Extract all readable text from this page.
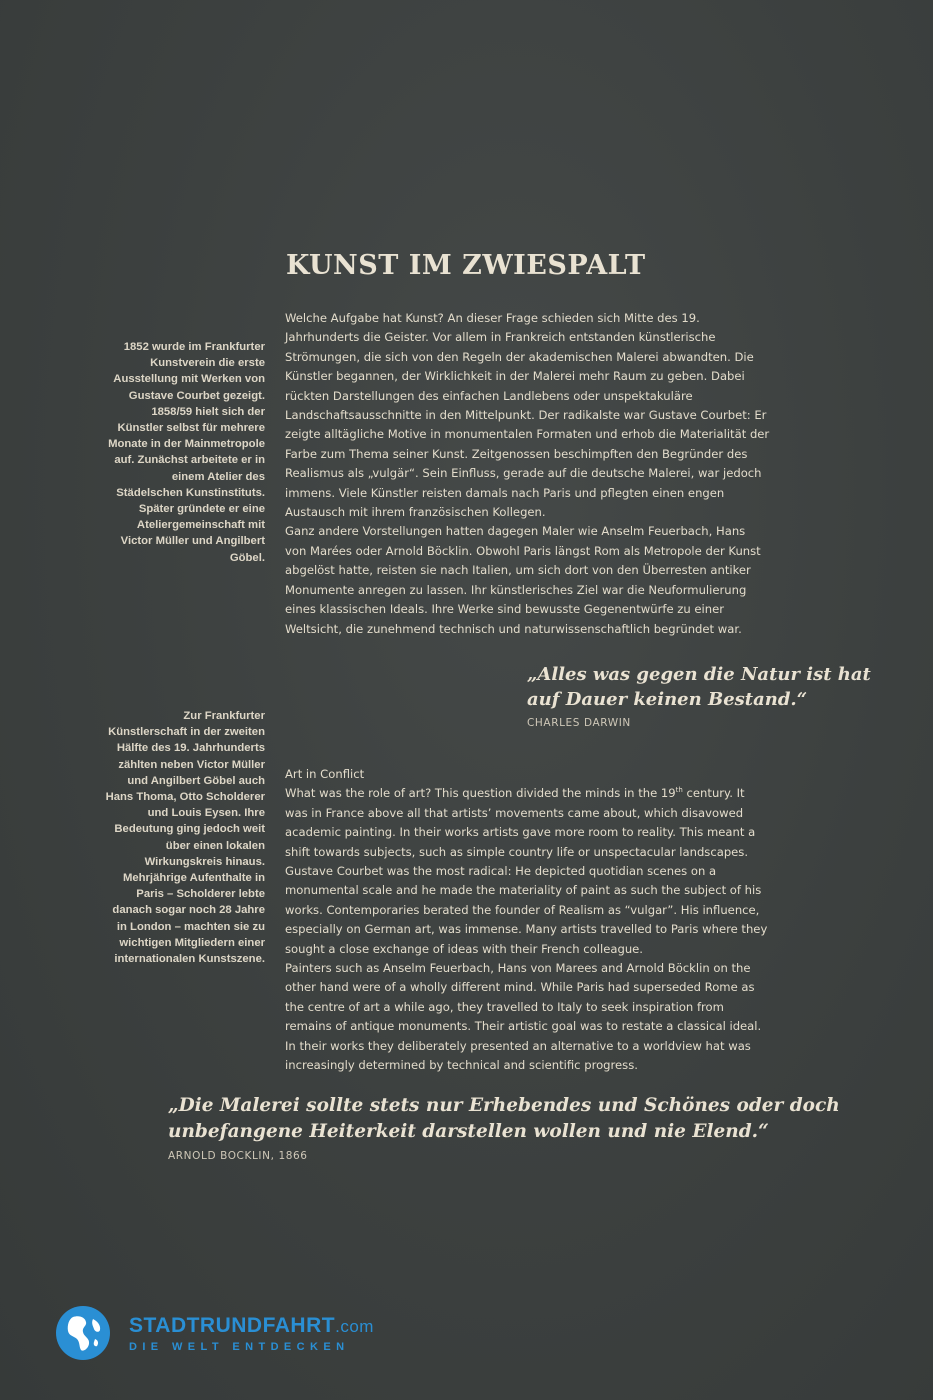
KUNST IM ZWIESPALT
1852 wurde im Frankfurter Kunstverein die erste Ausstellung mit Werken von Gustave Courbet gezeigt. 1858/59 hielt sich der Künstler selbst für mehrere Monate in der Mainmetropole auf. Zunächst arbeitete er in einem Atelier des Städelschen Kunstinstituts. Später gründete er eine Ateliergemeinschaft mit Victor Müller und Angilbert Göbel.

Welche Aufgabe hat Kunst? An dieser Frage schieden sich Mitte des 19. Jahrhunderts die Geister. Vor allem in Frankreich entstanden künstlerische Strömungen, die sich von den Regeln der akademischen Malerei abwandten. Die Künstler begannen, der Wirklichkeit in der Malerei mehr Raum zu geben. Dabei rückten Darstellungen des einfachen Landlebens oder unspektakuläre Landschaftsausschnitte in den Mittelpunkt. Der radikalste war Gustave Courbet: Er zeigte alltägliche Motive in monumentalen Formaten und erhob die Materialität der Farbe zum Thema seiner Kunst. Zeitgenossen beschimpften den Begründer des Realismus als „vulgär“. Sein Einfluss, gerade auf die deutsche Malerei, war jedoch immens. Viele Künstler reisten damals nach Paris und pflegten einen engen Austausch mit ihrem französischen Kollegen.

Ganz andere Vorstellungen hatten dagegen Maler wie Anselm Feuerbach, Hans von Marées oder Arnold Böcklin. Obwohl Paris längst Rom als Metropole der Kunst abgelöst hatte, reisten sie nach Italien, um sich dort von den Überresten antiker Monumente anregen zu lassen. Ihr künstlerisches Ziel war die Neuformulierung eines klassischen Ideals. Ihre Werke sind bewusste Gegenentwürfe zu einer Weltsicht, die zunehmend technisch und naturwissenschaftlich begründet war.

„Alles was gegen die Natur ist hat auf Dauer keinen Bestand.“

CHARLES DARWIN

Zur Frankfurter Künstlerschaft in der zweiten Hälfte des 19. Jahrhunderts zählten neben Victor Müller und Angilbert Göbel auch Hans Thoma, Otto Scholderer und Louis Eysen. Ihre Bedeutung ging jedoch weit über einen lokalen Wirkungskreis hinaus. Mehrjährige Aufenthalte in Paris – Scholderer lebte danach sogar noch 28 Jahre in London – machten sie zu wichtigen Mitgliedern einer internationalen Kunstszene.

Art in Conflict

What was the role of art? This question divided the minds in the 19th century. It was in France above all that artists’ movements came about, which disavowed academic painting. In their works artists gave more room to reality. This meant a shift towards subjects, such as simple country life or unspectacular landscapes. Gustave Courbet was the most radical: He depicted quotidian scenes on a monumental scale and he made the materiality of paint as such the subject of his works. Contemporaries berated the founder of Realism as “vulgar”. His influence, especially on German art, was immense. Many artists travelled to Paris where they sought a close exchange of ideas with their French colleague.

Painters such as Anselm Feuerbach, Hans von Marees and Arnold Böcklin on the other hand were of a wholly different mind. While Paris had superseded Rome as the centre of art a while ago, they travelled to Italy to seek inspiration from remains of antique monuments. Their artistic goal was to restate a classical ideal. In their works they deliberately presented an alternative to a worldview hat was increasingly determined by technical and scientific progress.

„Die Malerei sollte stets nur Erhebendes und Schönes oder doch unbefangene Heiterkeit darstellen wollen und nie Elend.“

ARNOLD BOCKLIN, 1866

STADTRUNDFAHRT.com
DIE WELT ENTDECKEN
